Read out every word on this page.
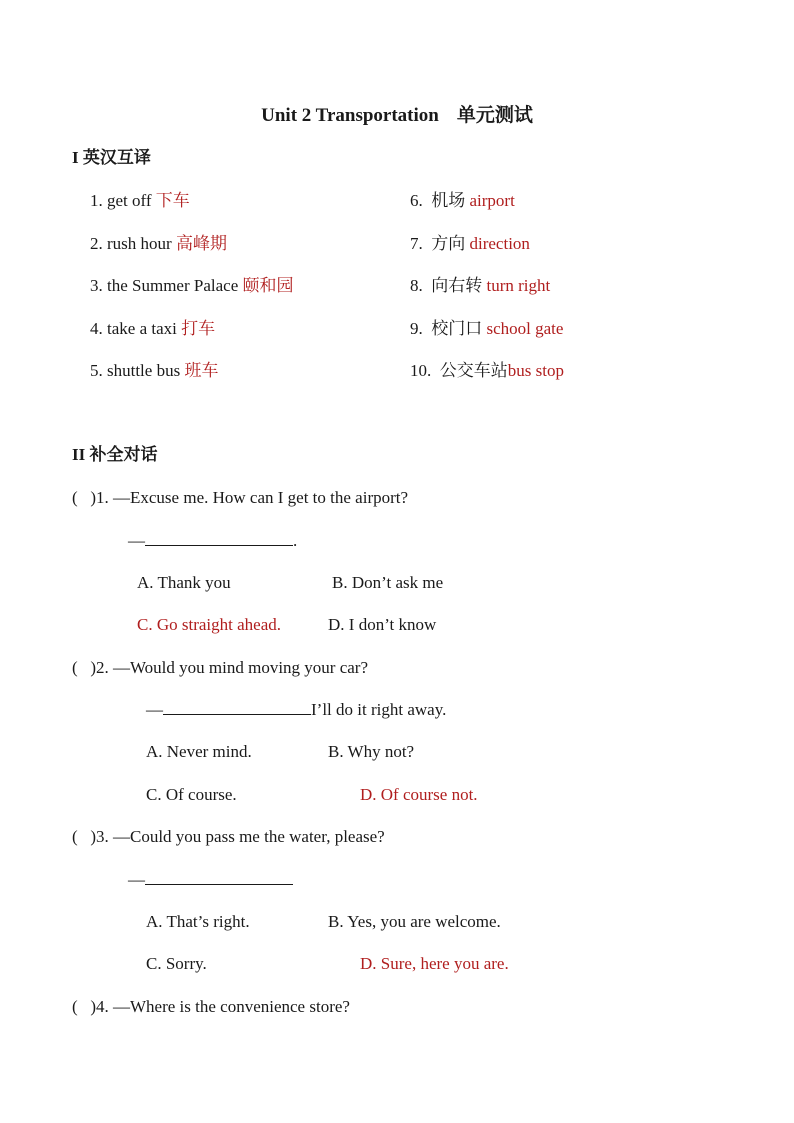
Unit 2 Transportation 单元测试
I 英汉互译
1. get off 下车
2. rush hour 高峰期
3. the Summer Palace 颐和园
4. take a taxi 打车
5. shuttle bus 班车
6. 机场 airport
7. 方向 direction
8. 向右转 turn right
9. 校门口 school gate
10. 公交车站bus stop
II 补全对话
( )1. —Excuse me. How can I get to the airport?
—	.
A. Thank you	B. Don’t ask me
C. Go straight ahead.	D. I don’t know
( )2. —Would you mind moving your car?
—	I’ll do it right away.
A. Never mind.	B. Why not?
C. Of course.	D. Of course not.
( )3. —Could you pass me the water, please?
—
A. That’s right.	B. Yes, you are welcome.
C. Sorry.	D. Sure, here you are.
( )4. —Where is the convenience store?
